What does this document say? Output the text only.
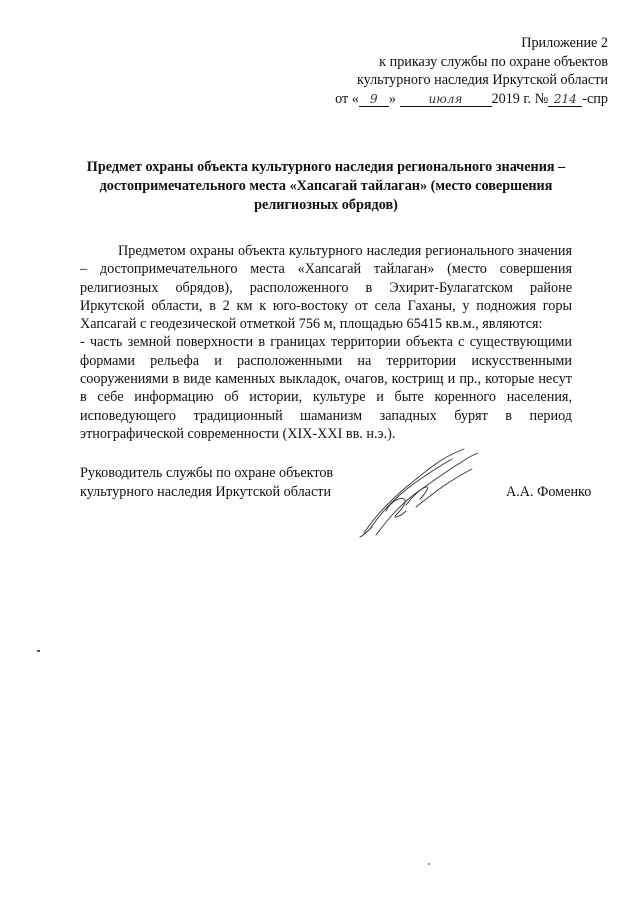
Приложение 2
к приказу службы по охране объектов
культурного наследия Иркутской области
от « 9 »	июля 2019 г. № 214 -спр
Предмет охраны объекта культурного наследия регионального значения – достопримечательного места «Хапсагай тайлаган» (место совершения религиозных обрядов)

Предметом охраны объекта культурного наследия регионального значения – достопримечательного места «Хапсагай тайлаган» (место совершения религиозных обрядов), расположенного в Эхирит-Булагатском районе Иркутской области, в 2 км к юго-востоку от села Гаханы, у подножия горы Хапсагай с геодезической отметкой 756 м, площадью 65415 кв.м., являются:

- часть земной поверхности в границах территории объекта с существующими формами рельефа и расположенными на территории искусственными сооружениями в виде каменных выкладок, очагов, кострищ и пр., которые несут в себе информацию об истории, культуре и быте коренного населения, исповедующего традиционный шаманизм западных бурят в период этнографической современности (XIX-XXI вв. н.э.).

Руководитель службы по охране объектов
культурного наследия Иркутской области	А.А. Фоменко
